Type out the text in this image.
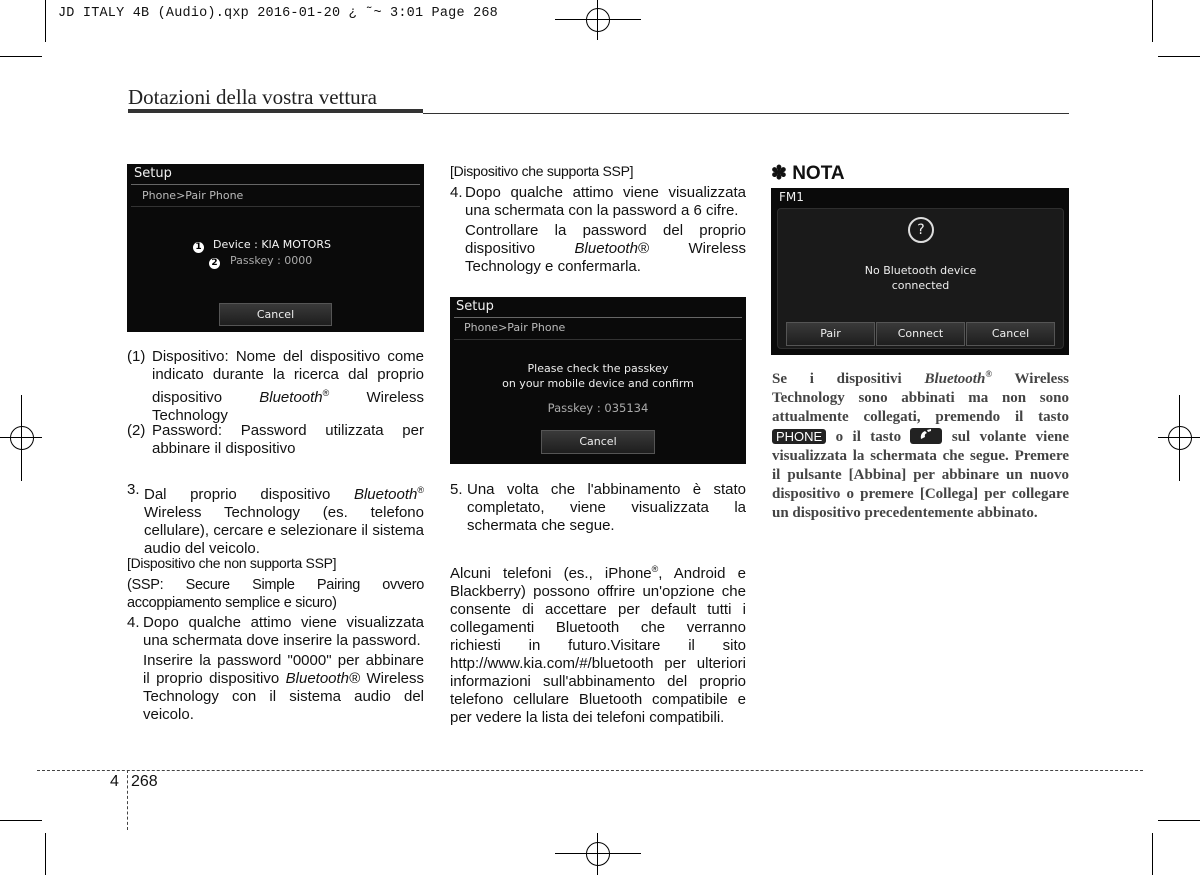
JD ITALY 4B (Audio).qxp 2016-01-20 ¿ ˜~ 3:01 Page 268
Dotazioni della vostra vettura
Setup
Phone>Pair Phone
1 Device : KIA MOTORS
2 Passkey : 0000
Cancel
(1) Dispositivo: Nome del dispositivo come indicato durante la ricerca dal proprio dispositivo Bluetooth® Wireless Technology
(2) Password: Password utilizzata per abbinare il dispositivo
3. Dal proprio dispositivo Bluetooth® Wireless Technology (es. telefono cellulare), cercare e selezionare il sistema audio del veicolo.
[Dispositivo che non supporta SSP]
(SSP: Secure Simple Pairing ovvero accoppiamento semplice e sicuro)
4. Dopo qualche attimo viene visualizzata una schermata dove inserire la password.
Inserire la password "0000" per abbinare il proprio dispositivo Bluetooth® Wireless Technology con il sistema audio del veicolo.
[Dispositivo che supporta SSP]
4. Dopo qualche attimo viene visualizzata una schermata con la password a 6 cifre.
Controllare la password del proprio dispositivo Bluetooth® Wireless Technology e confermarla.
Setup
Phone>Pair Phone
Please check the passkey
on your mobile device and confirm
Passkey : 035134
Cancel
5. Una volta che l'abbinamento è stato completato, viene visualizzata la schermata che segue.
Alcuni telefoni (es., iPhone®, Android e Blackberry) possono offrire un'opzione che consente di accettare per default tutti i collegamenti Bluetooth che verranno richiesti in futuro.Visitare il sito http://www.kia.com/#/bluetooth per ulteriori informazioni sull'abbinamento del proprio telefono cellulare Bluetooth compatibile e per vedere la lista dei telefoni compatibili.
✽ NOTA
FM1
?
No Bluetooth device
connected
Pair	Connect	Cancel
Se i dispositivi Bluetooth® Wireless Technology sono abbinati ma non sono attualmente collegati, premendo il tasto PHONE o il tasto  sul volante viene visualizzata la schermata che segue. Premere il pulsante [Abbina] per abbinare un nuovo dispositivo o premere [Collega] per collegare un dispositivo precedentemente abbinato.
4 268
